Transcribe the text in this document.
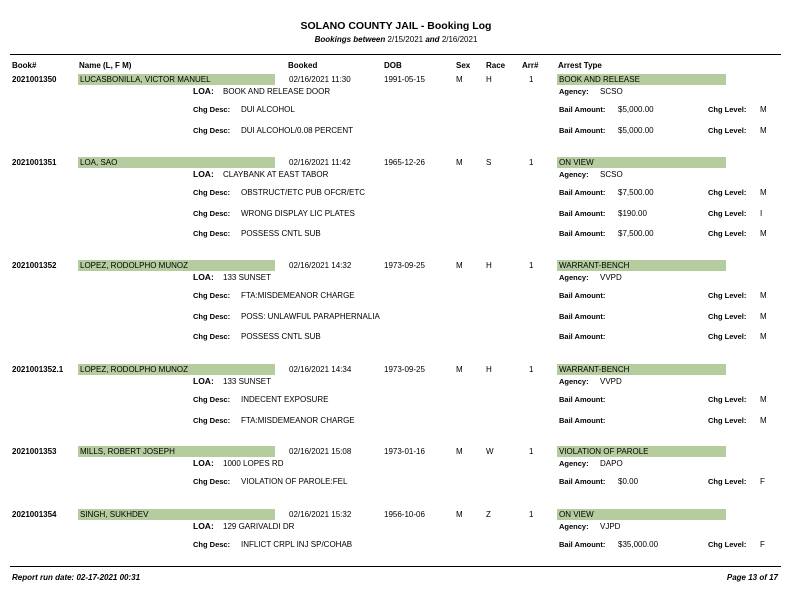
SOLANO COUNTY JAIL - Booking Log
Bookings between 2/15/2021 and 2/16/2021
Book#	Name (L, F M)	Booked	DOB	Sex Race Arr# Arrest Type
2021001350	LUCASBONILLA, VICTOR MANUEL	02/16/2021 11:30	1991-05-15	M	H	1	BOOK AND RELEASE
LOA: BOOK AND RELEASE DOOR	Agency: SCSO
Chg Desc: DUI ALCOHOL	Bail Amount: $5,000.00	Chg Level: M
Chg Desc: DUI ALCOHOL/0.08 PERCENT	Bail Amount: $5,000.00	Chg Level: M
2021001351	LOA, SAO	02/16/2021 11:42	1965-12-26	M	S	1	ON VIEW
LOA: CLAYBANK AT EAST TABOR	Agency: SCSO
Chg Desc: OBSTRUCT/ETC PUB OFCR/ETC	Bail Amount: $7,500.00	Chg Level: M
Chg Desc: WRONG DISPLAY LIC PLATES	Bail Amount: $190.00	Chg Level: I
Chg Desc: POSSESS CNTL SUB	Bail Amount: $7,500.00	Chg Level: M
2021001352	LOPEZ, RODOLPHO MUNOZ	02/16/2021 14:32	1973-09-25	M	H	1	WARRANT-BENCH
LOA: 133 SUNSET	Agency: VVPD
Chg Desc: FTA:MISDEMEANOR CHARGE	Bail Amount:	Chg Level: M
Chg Desc: POSS: UNLAWFUL PARAPHERNALIA	Bail Amount:	Chg Level: M
Chg Desc: POSSESS CNTL SUB	Bail Amount:	Chg Level: M
2021001352.1 LOPEZ, RODOLPHO MUNOZ	02/16/2021 14:34	1973-09-25	M	H	1	WARRANT-BENCH
LOA: 133 SUNSET	Agency: VVPD
Chg Desc: INDECENT EXPOSURE	Bail Amount:	Chg Level: M
Chg Desc: FTA:MISDEMEANOR CHARGE	Bail Amount:	Chg Level: M
2021001353	MILLS, ROBERT JOSEPH	02/16/2021 15:08	1973-01-16	M	W	1	VIOLATION OF PAROLE
LOA: 1000 LOPES RD	Agency: DAPO
Chg Desc: VIOLATION OF PAROLE:FEL	Bail Amount: $0.00	Chg Level: F
2021001354	SINGH, SUKHDEV	02/16/2021 15:32	1956-10-06	M	Z	1	ON VIEW
LOA: 129 GARIVALDI DR	Agency: VJPD
Chg Desc: INFLICT CRPL INJ SP/COHAB	Bail Amount: $35,000.00	Chg Level: F
Report run date: 02-17-2021 00:31	Page 13 of 17
